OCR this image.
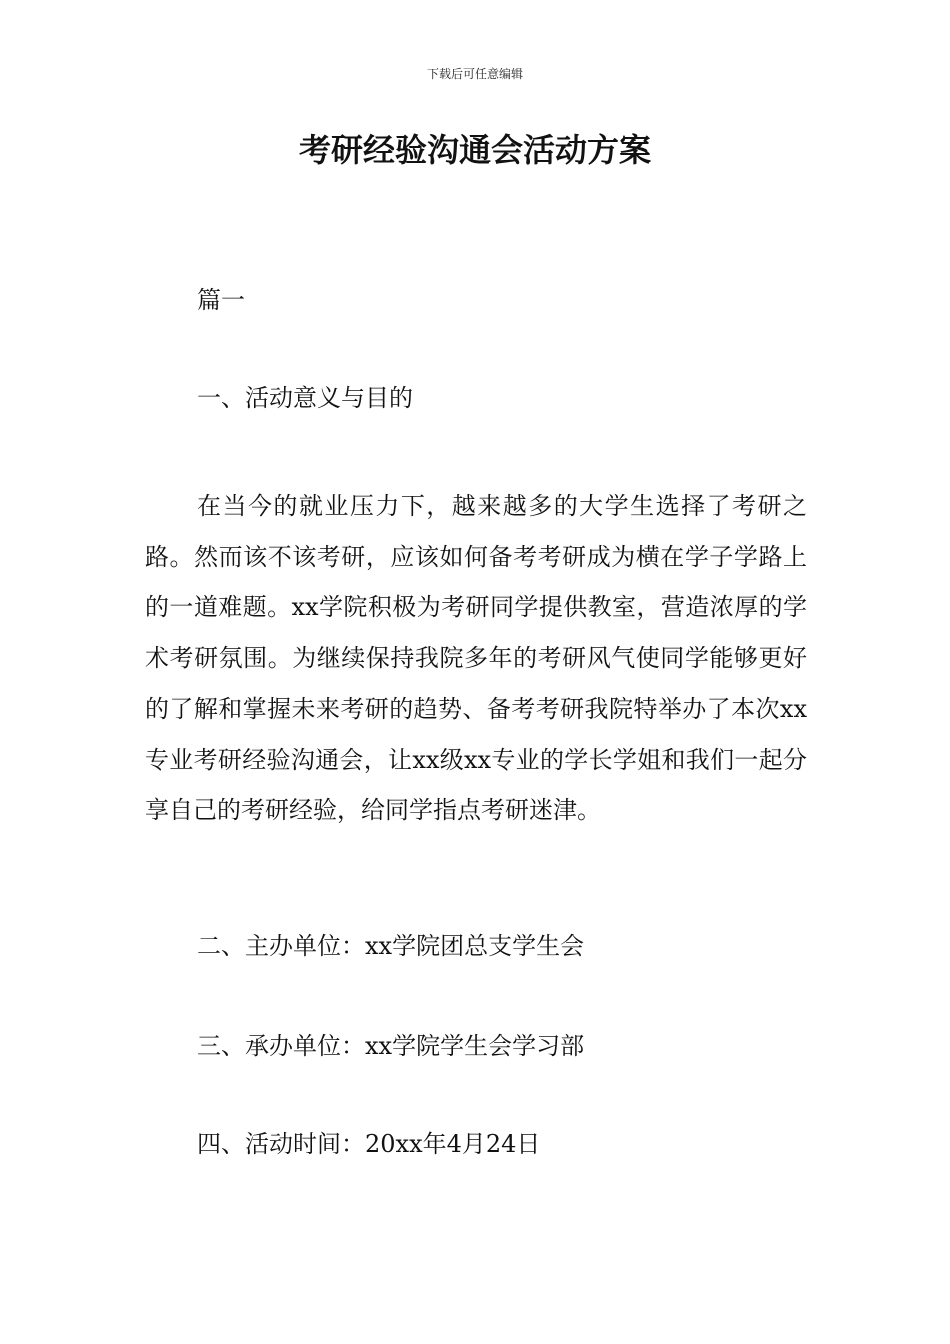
下载后可任意编辑
考研经验沟通会活动方案
篇一
一、活动意义与目的

在当今的就业压力下，越来越多的大学生选择了考研之路。然而该不该考研，应该如何备考考研成为横在学子学路上的一道难题。xx学院积极为考研同学提供教室，营造浓厚的学术考研氛围。为继续保持我院多年的考研风气使同学能够更好的了解和掌握未来考研的趋势、备考考研我院特举办了本次xx专业考研经验沟通会，让xx级xx专业的学长学姐和我们一起分享自己的考研经验，给同学指点考研迷津。

二、主办单位：xx学院团总支学生会
三、承办单位：xx学院学生会学习部
四、活动时间：20xx年4月24日
